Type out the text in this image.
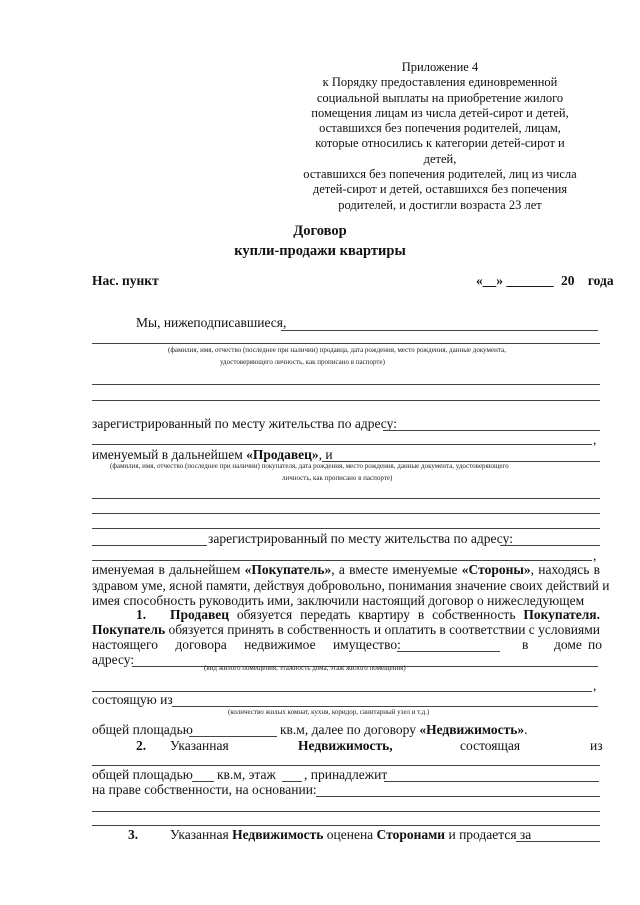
Приложение 4
к Порядку предоставления единовременной
социальной выплаты на приобретение жилого
помещения лицам из числа детей-сирот и детей,
оставшихся без попечения родителей, лицам,
которые относились к категории детей-сирот и детей,
оставшихся без попечения родителей, лиц из числа
детей-сирот и детей, оставшихся без попечения
родителей, и достигли возраста 23 лет
Договор
купли-продажи квартиры
Нас. пункт	«__» _______ 20 года
Мы, нижеподписавшиеся,
(фамилия, имя, отчество (последнее при наличии) продавца, дата рождения, место рождения, данные документа,
удостоверяющего личность, как прописано в паспорте)
зарегистрированный по месту жительства по адресу:
,
именуемый в дальнейшем «Продавец», и
(фамилия, имя, отчество (последнее при наличии) покупателя, дата рождения, место рождения, данные документа, удостоверяющего
личность, как прописано в паспорте)
зарегистрированный по месту жительства по адресу:
,
именуемая в дальнейшем «Покупатель», а вместе именуемые «Стороны», находясь в
здравом уме, ясной памяти, действуя добровольно, понимания значение своих действий и
имея способность руководить ими, заключили настоящий договор о нижеследующем
1. Продавец обязуется передать квартиру в собственность Покупателя.
Покупатель обязуется принять в собственность и оплатить в соответствии с условиями
настоящего договора недвижимое имущество:	в доме по
адресу:
(вид жилого помещения, этажность дома, этаж жилого помещения)
,
состоящую из
(количество жилых комнат, кухня, коридор, санитарный узел и т.д.)
общей площадью	кв.м, далее по договору «Недвижимость».
2. Указанная	Недвижимость,	состоящая	из
общей площадью кв.м, этаж , принадлежит
на праве собственности, на основании:
3. Указанная Недвижимость оценена Сторонами и продается за
